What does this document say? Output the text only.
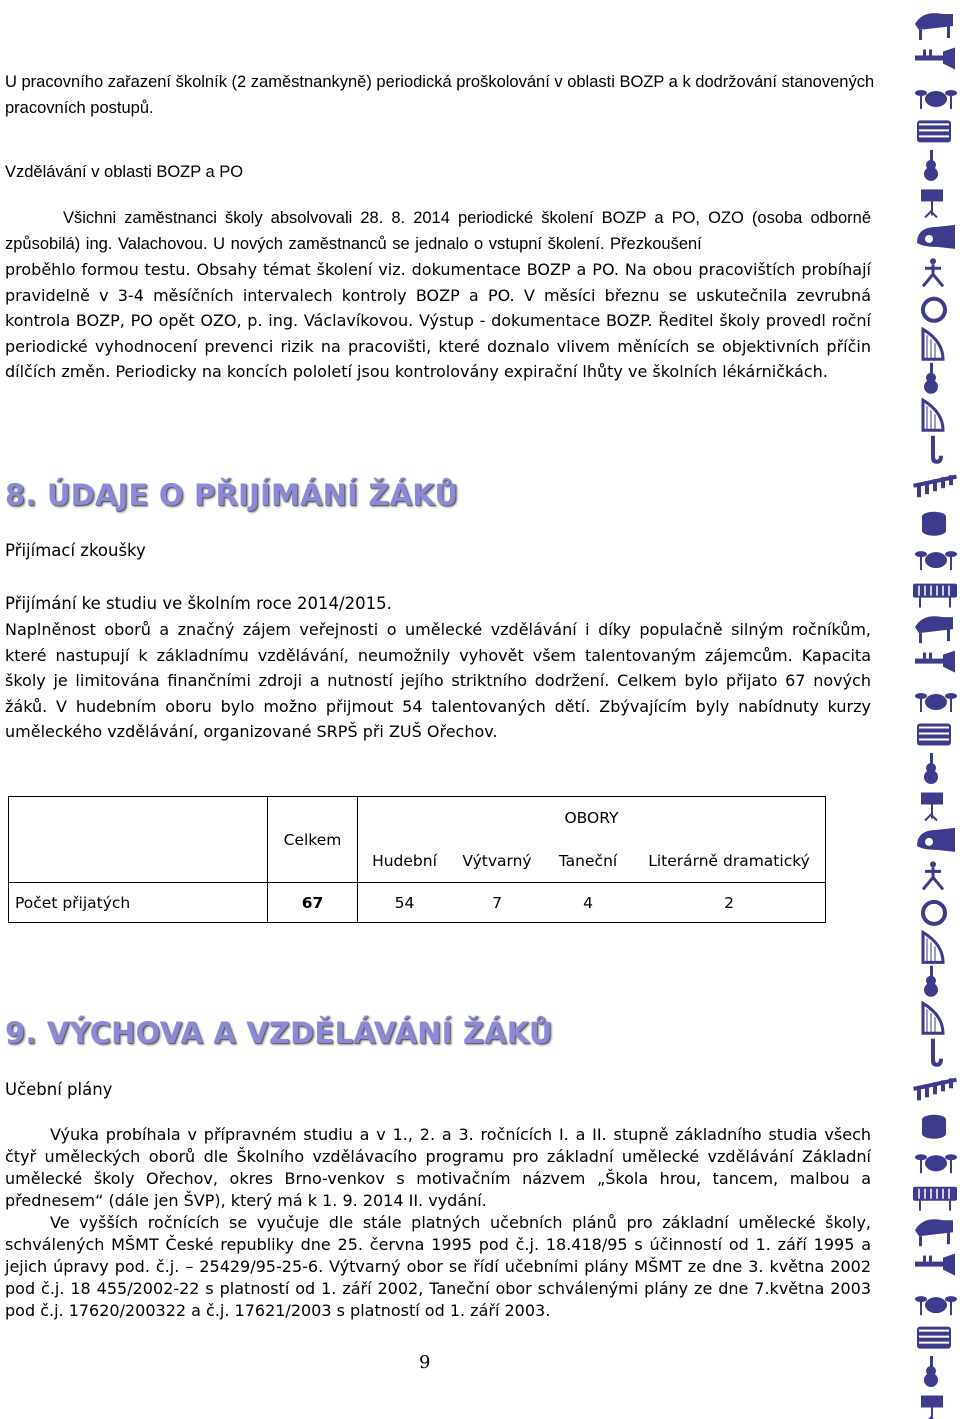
U pracovního zařazení školník (2 zaměstnankyně) periodická proškolování v oblasti BOZP a k dodržování stanovených pracovních postupů.

Vzdělávání v oblasti BOZP a PO

Všichni zaměstnanci školy absolvovali 28. 8. 2014 periodické školení BOZP a PO, OZO (osoba odborně způsobilá) ing. Valachovou. U nových zaměstnanců se jednalo o vstupní školení. Přezkoušení

proběhlo formou testu. Obsahy témat školení viz. dokumentace BOZP a PO. Na obou pracovištích probíhají pravidelně v 3-4 měsíčních intervalech kontroly BOZP a PO. V měsíci březnu se uskutečnila zevrubná kontrola BOZP, PO opět OZO, p. ing. Václavíkovou. Výstup - dokumentace BOZP. Ředitel školy provedl roční periodické vyhodnocení prevenci rizik na pracovišti, které doznalo vlivem měnících se objektivních příčin dílčích změn. Periodicky na koncích pololetí jsou kontrolovány expirační lhůty ve školních lékárničkách.

8. ÚDAJE O PŘIJÍMÁNÍ ŽÁKŮ

Přijímací zkoušky

Přijímání ke studiu ve školním roce 2014/2015.

Naplněnost oborů a značný zájem veřejnosti o umělecké vzdělávání i díky populačně silným ročníkům, které nastupují k základnímu vzdělávání, neumožnily vyhovět všem talentovaným zájemcům. Kapacita školy je limitována finančními zdroji a nutností jejího striktního dodržení. Celkem bylo přijato 67 nových žáků. V hudebním oboru bylo možno přijmout 54 talentovaných dětí. Zbývajícím byly nabídnuty kurzy uměleckého vzdělávání, organizované SRPŠ při ZUŠ Ořechov.

	Celkem	OBORY			
		Hudební	Výtvarný	Taneční	Literárně dramatický
Počet přijatých	67	54	7	4	2
9. VÝCHOVA A VZDĚLÁVÁNÍ ŽÁKŮ

Učební plány

Výuka probíhala v přípravném studiu a v 1., 2. a 3. ročnících I. a II. stupně základního studia všech čtyř uměleckých oborů dle Školního vzdělávacího programu pro základní umělecké vzdělávání Základní umělecké školy Ořechov, okres Brno-venkov s motivačním názvem „Škola hrou, tancem, malbou a přednesem“ (dále jen ŠVP), který má k 1. 9. 2014 II. vydání.

Ve vyšších ročnících se vyučuje dle stále platných učebních plánů pro základní umělecké školy, schválených MŠMT České republiky dne 25. června 1995 pod č.j. 18.418/95 s účinností od 1. září 1995 a jejich úpravy pod. č.j. – 25429/95-25-6. Výtvarný obor se řídí učebními plány MŠMT ze dne 3. května 2002 pod č.j. 18 455/2002-22 s platností od 1. září 2002, Taneční obor schválenými plány ze dne 7.května 2003 pod č.j. 17620/200322 a č.j. 17621/2003 s platností od 1. září 2003.

9
